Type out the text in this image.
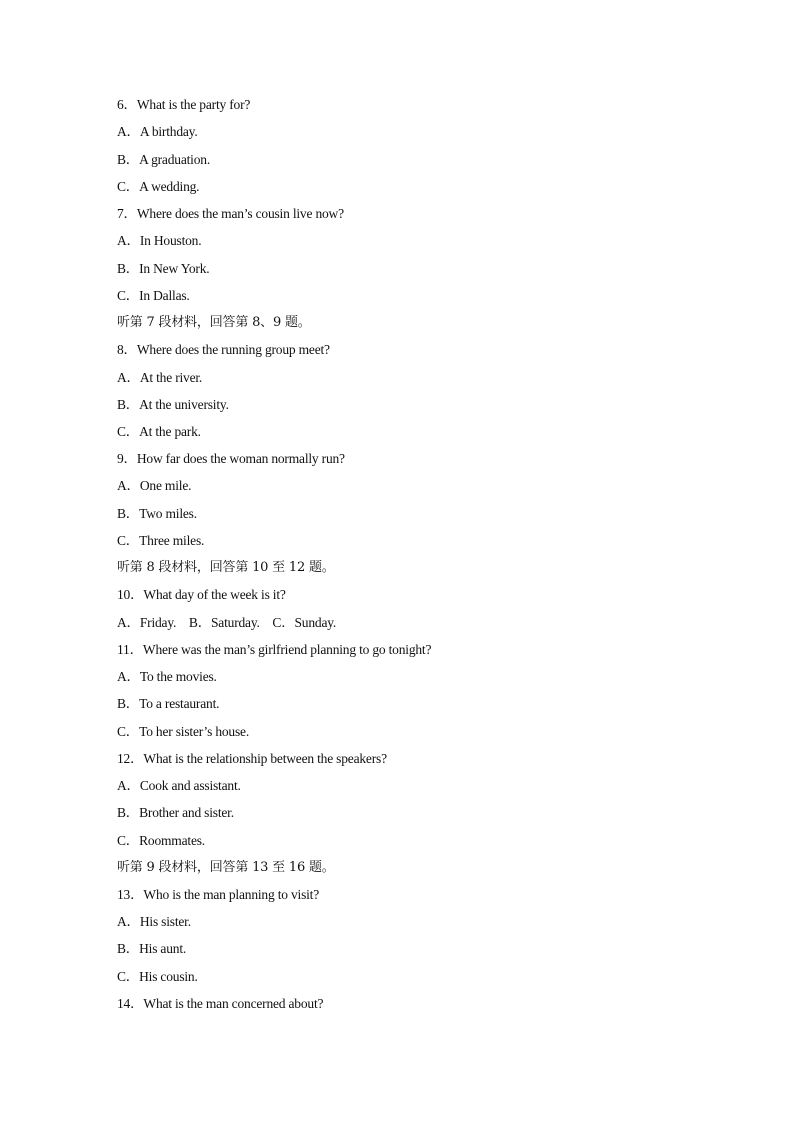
6．What is the party for?
A．A birthday.
B．A graduation.
C．A wedding.
7．Where does the man’s cousin live now?
A．In Houston.
B．In New York.
C．In Dallas.
听第 7 段材料，回答第 8、9 题。
8．Where does the running group meet?
A．At the river.
B．At the university.
C．At the park.
9．How far does the woman normally run?
A．One mile.
B．Two miles.
C．Three miles.
听第 8 段材料，回答第 10 至 12 题。
10．What day of the week is it?
A．Friday.    B．Saturday.    C．Sunday.
11．Where was the man’s girlfriend planning to go tonight?
A．To the movies.
B．To a restaurant.
C．To her sister’s house.
12．What is the relationship between the speakers?
A．Cook and assistant.
B．Brother and sister.
C．Roommates.
听第 9 段材料，回答第 13 至 16 题。
13．Who is the man planning to visit?
A．His sister.
B．His aunt.
C．His cousin.
14．What is the man concerned about?
